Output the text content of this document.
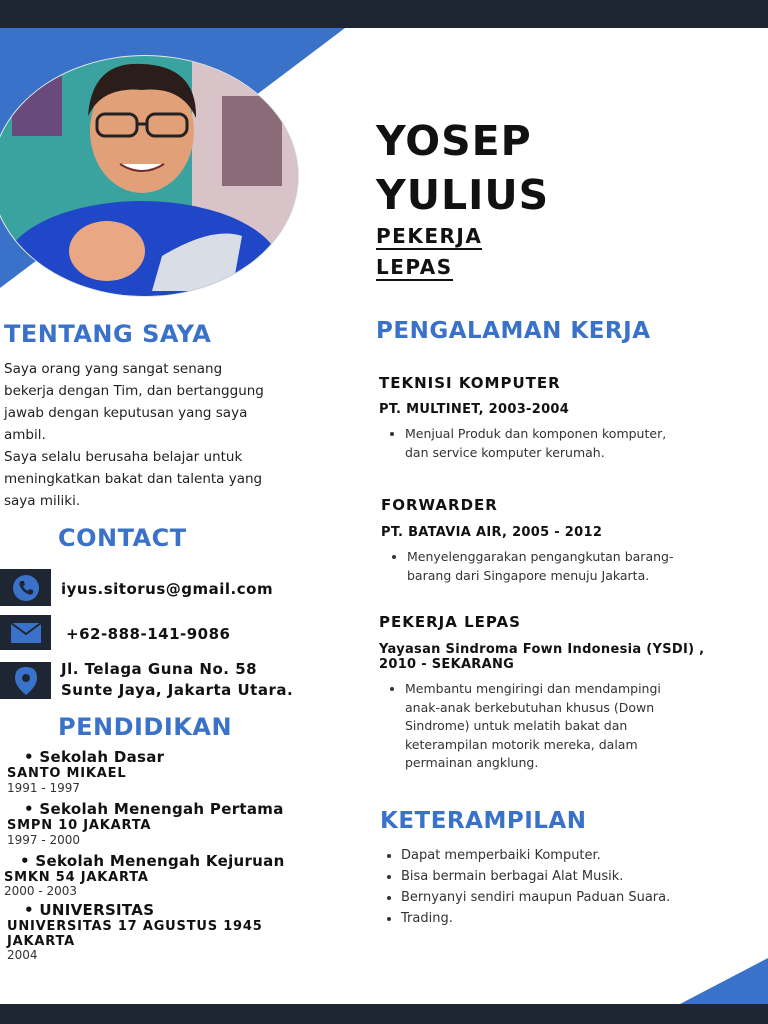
YOSEP
YULIUS
PEKERJA
LEPAS
TENTANG SAYA
Saya orang yang sangat senang
bekerja dengan Tim, dan bertanggung
jawab dengan keputusan yang saya
ambil.
Saya selalu berusaha belajar untuk
meningkatkan bakat dan talenta yang
saya miliki.
CONTACT
iyus.sitorus@gmail.com
+62-888-141-9086
Jl. Telaga Guna No. 58
Sunte Jaya, Jakarta Utara.
PENDIDIKAN
• Sekolah Dasar
SANTO MIKAEL
1991 - 1997
• Sekolah Menengah Pertama
SMPN 10 JAKARTA
1997 - 2000
• Sekolah Menengah Kejuruan
SMKN 54 JAKARTA
2000 - 2003
• UNIVERSITAS
UNIVERSITAS 17 AGUSTUS 1945
JAKARTA
2004
PENGALAMAN KERJA
TEKNISI KOMPUTER
PT. MULTINET, 2003-2004
• Menjual Produk dan komponen komputer,
dan service komputer kerumah.
FORWARDER
PT. BATAVIA AIR, 2005 - 2012
• Menyelenggarakan pengangkutan barang-
barang dari Singapore menuju Jakarta.
PEKERJA LEPAS
Yayasan Sindroma Fown Indonesia (YSDI) ,
2010 - SEKARANG
• Membantu mengiringi dan mendampingi
anak-anak berkebutuhan khusus (Down
Sindrome) untuk melatih bakat dan
keterampilan motorik mereka, dalam
permainan angklung.
KETERAMPILAN
• Dapat memperbaiki Komputer.
• Bisa bermain berbagai Alat Musik.
• Bernyanyi sendiri maupun Paduan Suara.
• Trading.
